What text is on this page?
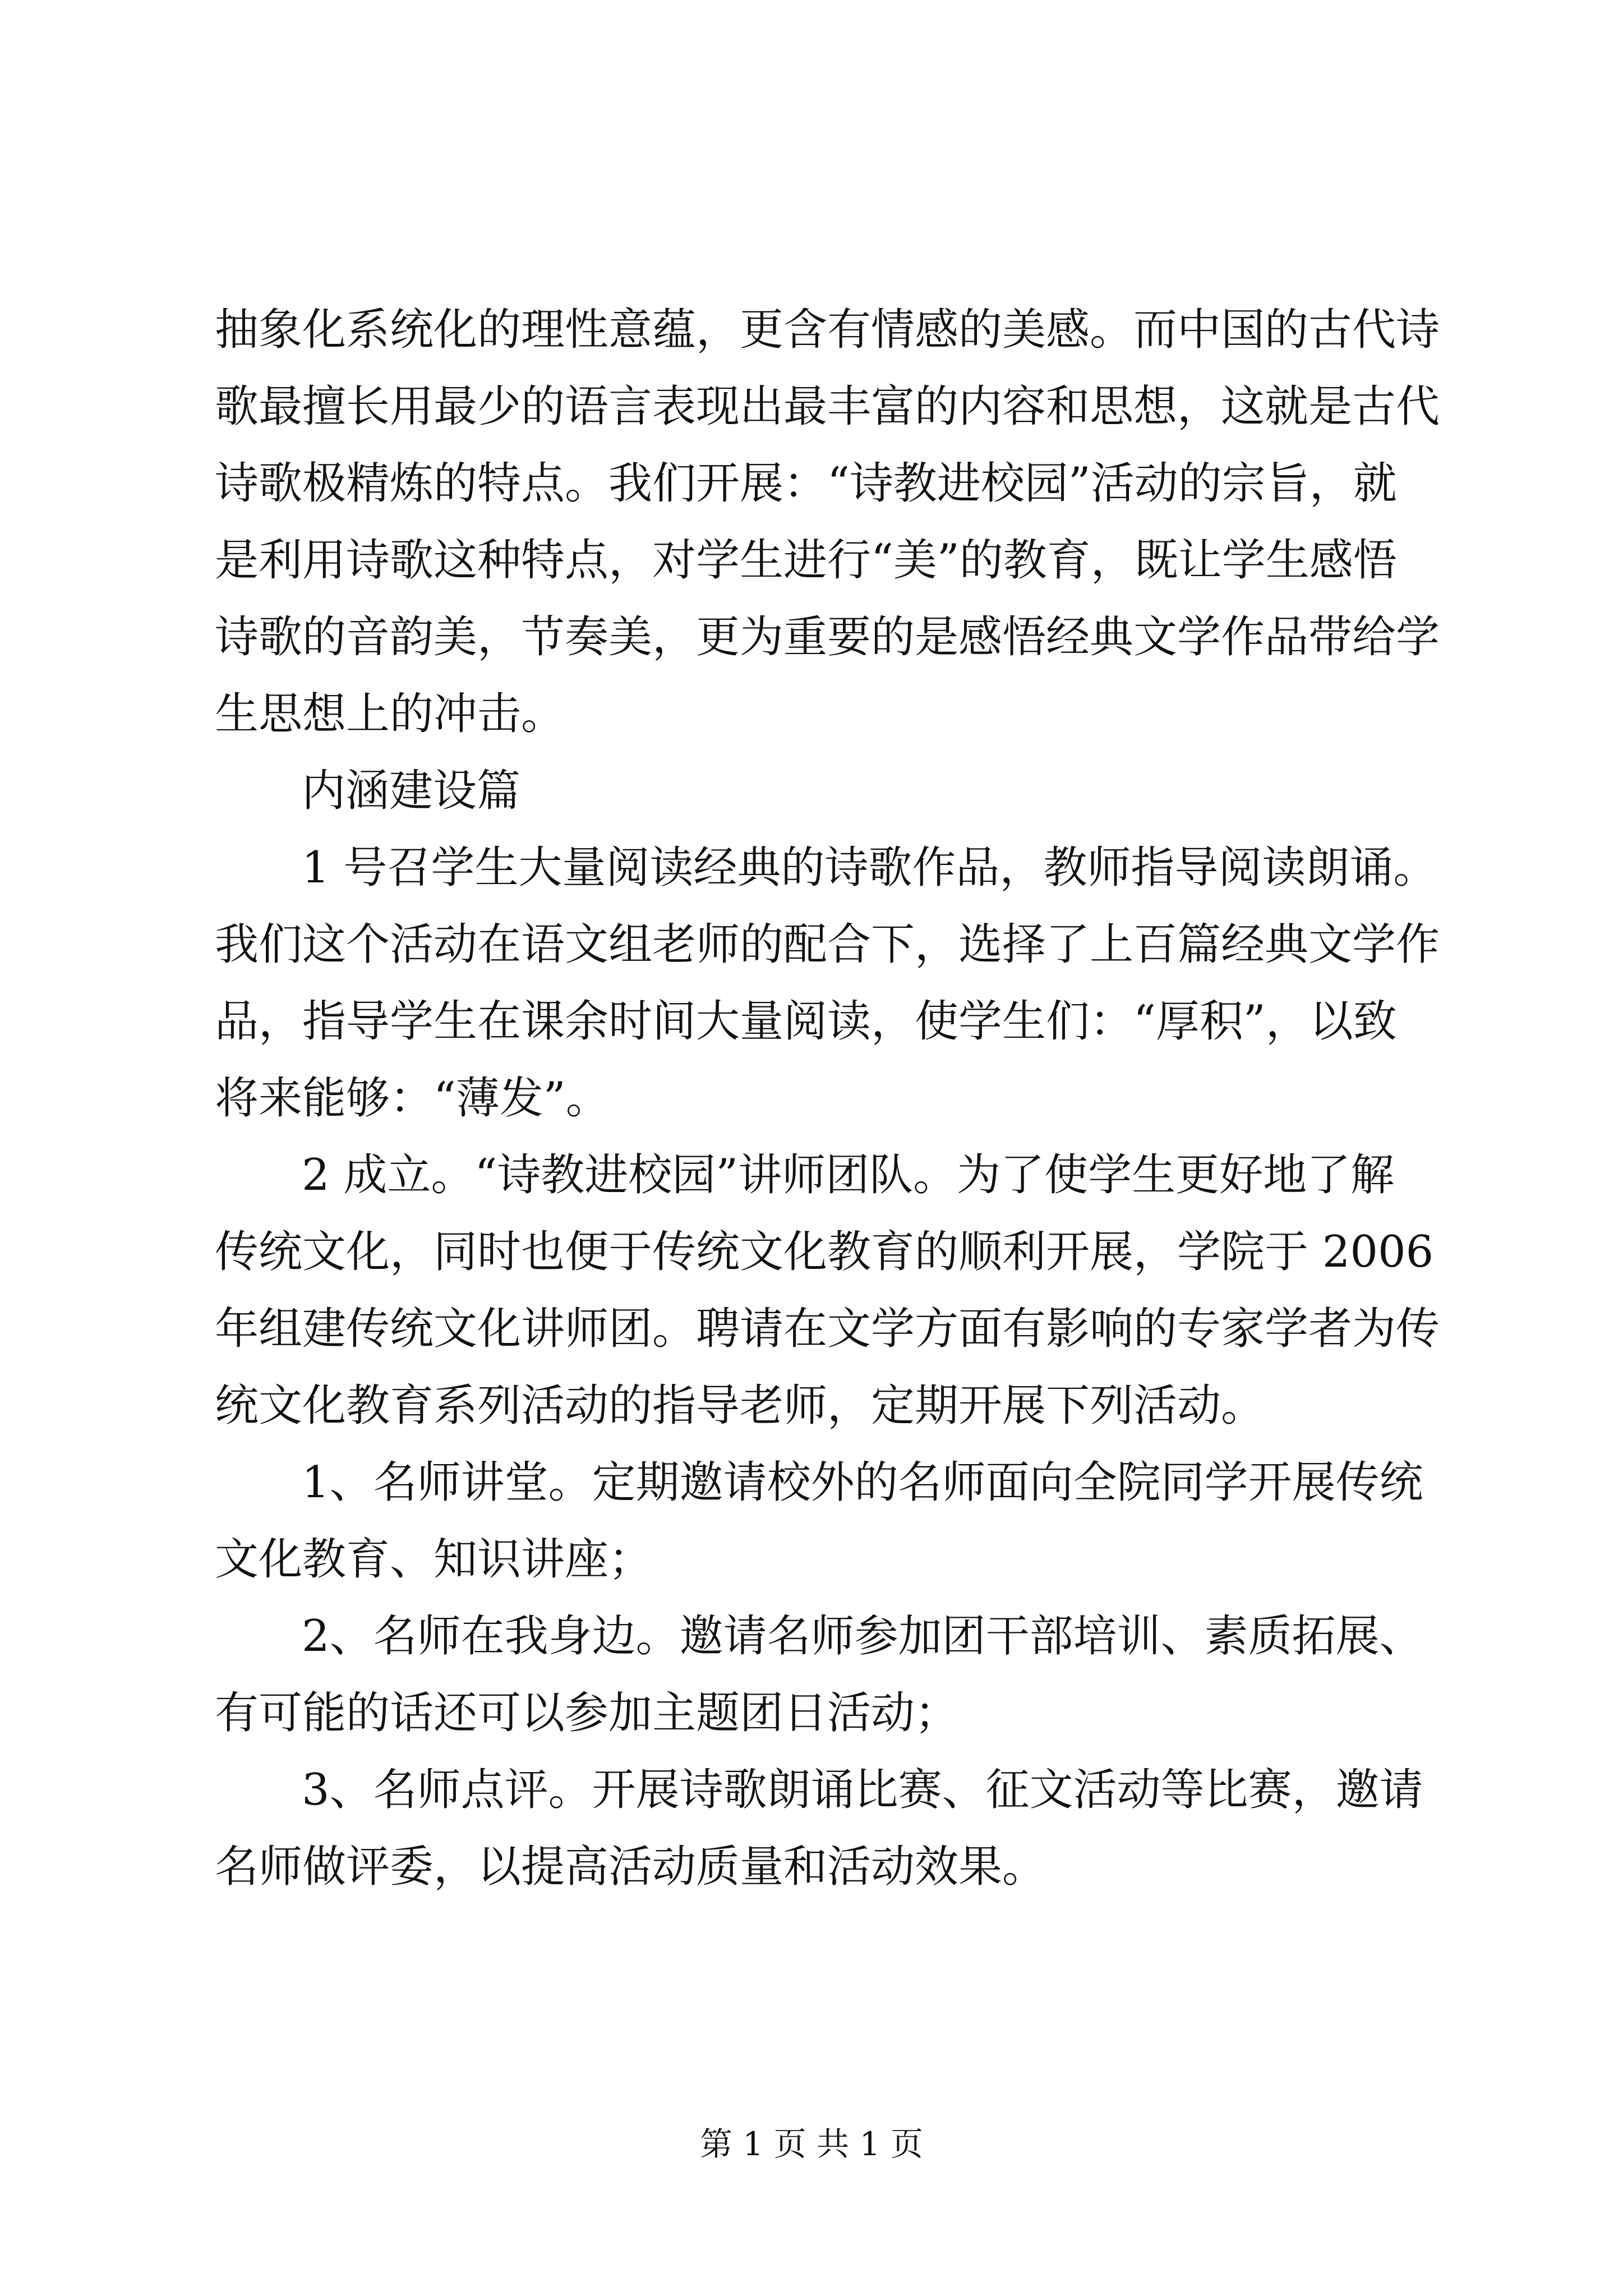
抽象化系统化的理性意蕴，更含有情感的美感。而中国的古代诗
歌最擅长用最少的语言表现出最丰富的内容和思想，这就是古代
诗歌极精炼的特点。我们开展：“诗教进校园”活动的宗旨，就
是利用诗歌这种特点，对学生进行“美”的教育，既让学生感悟
诗歌的音韵美，节奏美，更为重要的是感悟经典文学作品带给学
生思想上的冲击。
内涵建设篇
1 号召学生大量阅读经典的诗歌作品，教师指导阅读朗诵。
我们这个活动在语文组老师的配合下，选择了上百篇经典文学作
品，指导学生在课余时间大量阅读，使学生们：“厚积”，以致
将来能够：“薄发”。
2 成立。“诗教进校园”讲师团队。为了使学生更好地了解
传统文化，同时也便于传统文化教育的顺利开展，学院于 2006
年组建传统文化讲师团。聘请在文学方面有影响的专家学者为传
统文化教育系列活动的指导老师，定期开展下列活动。
1、名师讲堂。定期邀请校外的名师面向全院同学开展传统
文化教育、知识讲座；
2、名师在我身边。邀请名师参加团干部培训、素质拓展、
有可能的话还可以参加主题团日活动；
3、名师点评。开展诗歌朗诵比赛、征文活动等比赛，邀请
名师做评委，以提高活动质量和活动效果。
第 1 页 共 1 页
